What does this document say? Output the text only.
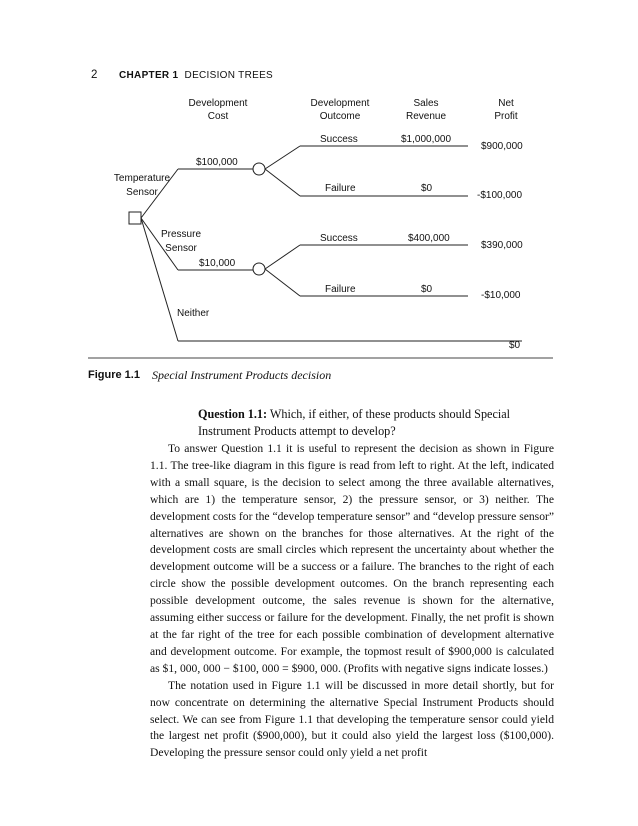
2 CHAPTER 1 DECISION TREES
Development
Cost
Development
Outcome
Sales
Revenue
Net
Profit
Temperature
Sensor
$100,000
Pressure
Sensor
$10,000
Neither
Success	$1,000,000
$900,000
Failure	$0
-$100,000
Success	$400,000
$390,000
Failure	$0
-$10,000
$0
Figure 1.1 Special Instrument Products decision
Question 1.1: Which, if either, of these products should Special Instrument Products attempt to develop?

To answer Question 1.1 it is useful to represent the decision as shown in Figure 1.1. The tree-like diagram in this figure is read from left to right. At the left, indicated with a small square, is the decision to select among the three available alternatives, which are 1) the temperature sensor, 2) the pressure sensor, or 3) neither. The development costs for the “develop temperature sensor” and “develop pressure sensor” alternatives are shown on the branches for those alternatives. At the right of the development costs are small circles which represent the uncertainty about whether the development outcome will be a success or a failure. The branches to the right of each circle show the possible development outcomes. On the branch representing each possible development outcome, the sales revenue is shown for the alternative, assuming either success or failure for the development. Finally, the net profit is shown at the far right of the tree for each possible combination of development alternative and development outcome. For example, the topmost result of $900,000 is calculated as $1, 000, 000 − $100, 000 = $900, 000. (Profits with negative signs indicate losses.)

The notation used in Figure 1.1 will be discussed in more detail shortly, but for now concentrate on determining the alternative Special Instrument Products should select. We can see from Figure 1.1 that developing the temperature sensor could yield the largest net profit ($900,000), but it could also yield the largest loss ($100,000). Developing the pressure sensor could only yield a net profit
